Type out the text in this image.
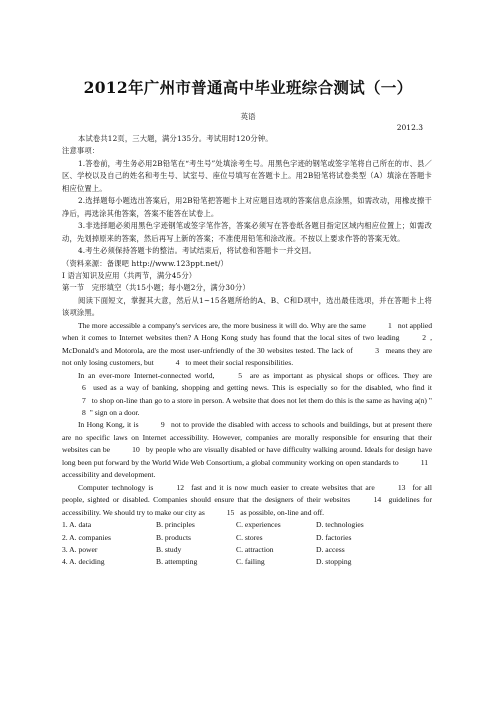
2012年广州市普通高中毕业班综合测试（一）
英语
2012.3

本试卷共12页，三大题，满分135分。考试用时120分钟。

注意事项：

1.答卷前，考生务必用2B铅笔在“考生号”处填涂考生号。用黑色字迹的钢笔或签字笔将自己所在的市、县／区、学校以及自己的姓名和考生号、试室号、座位号填写在答题卡上。用2B铅笔将试卷类型（A）填涂在答题卡相应位置上。

2.选择题每小题选出答案后，用2B铅笔把答题卡上对应题目选项的答案信息点涂黑，如需改动，用橡皮擦干净后，再选涂其他答案，答案不能答在试卷上。

3.非选择题必须用黑色字迹钢笔或签字笔作答，答案必须写在答卷纸各题目指定区域内相应位置上；如需改动，先划掉原来的答案，然后再写上新的答案；不准使用铅笔和涂改液。不按以上要求作答的答案无效。

4.考生必须保持答题卡的整洁。考试结束后，将试卷和答题卡一并交回。

（资料来源：备课吧 http://www.123ppt.net/）

I 语言知识及应用（共两节，满分45分）

第一节　完形填空（共15小题；每小题2分，满分30分）

阅读下面短文，掌握其大意，然后从1~15各题所给的A、B、C和D项中，选出最佳选项，并在答题卡上将该项涂黑。

The more accessible a company's services are, the more business it will do. Why are the same	1 not applied when it comes to Internet websites then? A Hong Kong study has found that the local sites of two leading	2 , McDonald's and Motorola, are the most user-unfriendly of the 30 websites tested. The lack of	3 means they are not only losing customers, but	4 to meet their social responsibilities.

In an ever-more Internet-connected world,	5 are as important as physical shops or offices. They are 6 used as a way of banking, shopping and getting news. This is especially so for the disabled, who find it 7 to shop on-line than go to a store in person. A website that does not let them do this is the same as having a(n) "8 " sign on a door.

In Hong Kong, it is	9 not to provide the disabled with access to schools and buildings, but at present there are no specific laws on Internet accessibility. However, companies are morally responsible for ensuring that their websites can be	10 by people who are visually disabled or have difficulty walking around. Ideals for design have long been put forward by the World Wide Web Consortium, a global community working on open standards to	11 accessibility and development.

Computer technology is	12 fast and it is now much easier to create websites that are	13 for all people, sighted or disabled. Companies should ensure that the designers of their websites	14 guidelines for accessibility. We should try to make our city as	15 as possible, on-line and off.

1. A. data	B. principles	C. experiences	D. technologies
2. A. companies	B. products	C. stores	D. factories
3. A. power	B. study	C. attraction	D. access
4. A. deciding	B. attempting	C. failing	D. stopping
